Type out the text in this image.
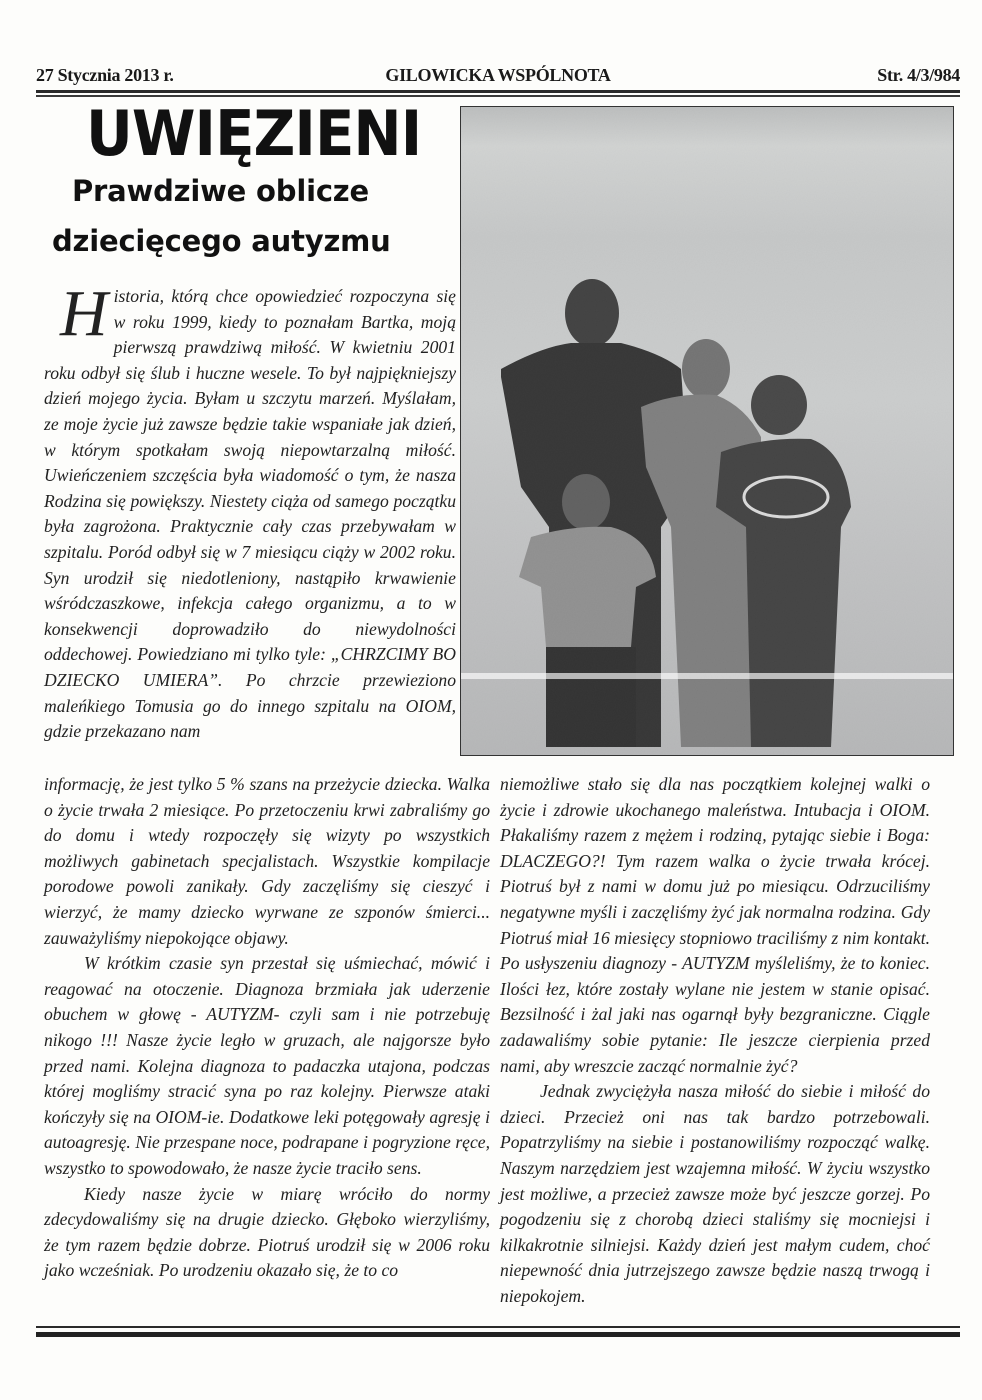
27 Stycznia 2013 r.	GILOWICKA WSPÓLNOTA	Str. 4/3/984
UWIĘZIENI
Prawdziwe oblicze
dziecięcego autyzmu

Historia, którą chce opowiedzieć rozpoczyna się w roku 1999, kiedy to poznałam Bartka, moją pierwszą prawdziwą miłość. W kwietniu 2001 roku odbył się ślub i huczne wesele. To był najpiękniejszy dzień mojego życia. Byłam u szczytu marzeń. Myślałam, ze moje życie już zawsze będzie takie wspaniałe jak dzień, w którym spotkałam swoją niepowtarzalną miłość. Uwieńczeniem szczęścia była wiadomość o tym, że nasza Rodzina się powiększy. Niestety ciąża od samego początku była zagrożona. Praktycznie cały czas przebywałam w szpitalu. Poród odbył się w 7 miesiącu ciąży w 2002 roku. Syn urodził się niedotleniony, nastąpiło krwawienie wśródczaszkowe, infekcja całego organizmu, a to w konsekwencji doprowadziło do niewydolności oddechowej. Powiedziano mi tylko tyle: „CHRZCIMY BO DZIECKO UMIERA”. Po chrzcie przewieziono maleńkiego Tomusia go do innego szpitalu na OIOM, gdzie przekazano nam

informację, że jest tylko 5 % szans na przeżycie dziecka. Walka o życie trwała 2 miesiące. Po przetoczeniu krwi zabraliśmy go do domu i wtedy rozpoczęły się wizyty po wszystkich możliwych gabinetach specjalistach. Wszystkie kompilacje porodowe powoli zanikały. Gdy zaczęliśmy się cieszyć i wierzyć, że mamy dziecko wyrwane ze szponów śmierci... zauważyliśmy niepokojące objawy.

W krótkim czasie syn przestał się uśmiechać, mówić i reagować na otoczenie. Diagnoza brzmiała jak uderzenie obuchem w głowę - AUTYZM- czyli sam i nie potrzebuję nikogo !!! Nasze życie legło w gruzach, ale najgorsze było przed nami. Kolejna diagnoza to padaczka utajona, podczas której mogliśmy stracić syna po raz kolejny. Pierwsze ataki kończyły się na OIOM-ie. Dodatkowe leki potęgowały agresję i autoagresję. Nie przespane noce, podrapane i pogryzione ręce, wszystko to spowodowało, że nasze życie traciło sens.

Kiedy nasze życie w miarę wróciło do normy zdecydowaliśmy się na drugie dziecko. Głęboko wierzyliśmy, że tym razem będzie dobrze. Piotruś urodził się w 2006 roku jako wcześniak. Po urodzeniu okazało się, że to co

niemożliwe stało się dla nas początkiem kolejnej walki o życie i zdrowie ukochanego maleństwa. Intubacja i OIOM. Płakaliśmy razem z mężem i rodziną, pytając siebie i Boga: DLACZEGO?! Tym razem walka o życie trwała krócej. Piotruś był z nami w domu już po miesiącu. Odrzuciliśmy negatywne myśli i zaczęliśmy żyć jak normalna rodzina. Gdy Piotruś miał 16 miesięcy stopniowo traciliśmy z nim kontakt. Po usłyszeniu diagnozy - AUTYZM myśleliśmy, że to koniec. Ilości łez, które zostały wylane nie jestem w stanie opisać. Bezsilność i żal jaki nas ogarnął były bezgraniczne. Ciągle zadawaliśmy sobie pytanie: Ile jeszcze cierpienia przed nami, aby wreszcie zacząć normalnie żyć?

Jednak zwyciężyła nasza miłość do siebie i miłość do dzieci. Przecież oni nas tak bardzo potrzebowali. Popatrzyliśmy na siebie i postanowiliśmy rozpocząć walkę. Naszym narzędziem jest wzajemna miłość. W życiu wszystko jest możliwe, a przecież zawsze może być jeszcze gorzej. Po pogodzeniu się z chorobą dzieci staliśmy się mocniejsi i kilkakrotnie silniejsi. Każdy dzień jest małym cudem, choć niepewność dnia jutrzejszego zawsze będzie naszą trwogą i niepokojem.
